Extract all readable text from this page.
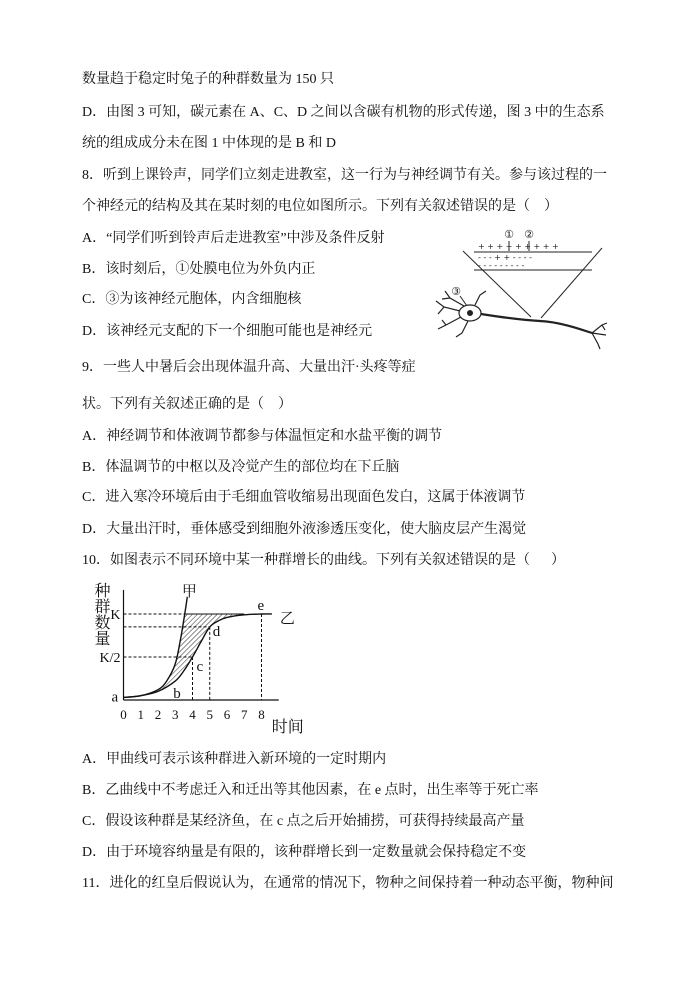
数量趋于稳定时兔子的种群数量为 150 只
D．由图 3 可知，碳元素在 A、C、D 之间以含碳有机物的形式传递，图 3 中的生态系
统的组成成分未在图 1 中体现的是 B 和 D
8．听到上课铃声，同学们立刻走进教室，这一行为与神经调节有关。参与该过程的一
个神经元的结构及其在某时刻的电位如图所示。下列有关叙述错误的是（    ）
A．“同学们听到铃声后走进教室”中涉及条件反射
B．该时刻后，①处膜电位为外负内正
C．③为该神经元胞体，内含细胞核
D．该神经元支配的下一个细胞可能也是神经元
① ②
③
+ + + + + + + + +
- - - + + - - - -
- - - - - - - - -
9．一些人中暑后会出现体温升高、大量出汗·头疼等症
状。下列有关叙述正确的是（    ）
A．神经调节和体液调节都参与体温恒定和水盐平衡的调节
B．体温调节的中枢以及冷觉产生的部位均在下丘脑
C．进入寒冷环境后由于毛细血管收缩易出现面色发白，这属于体液调节
D．大量出汗时，垂体感受到细胞外液渗透压变化，使大脑皮层产生渴觉
10．如图表示不同环境中某一种群增长的曲线。下列有关叙述错误的是（      ）
种群数量	甲
乙
a	b
c
d
e
0 1 2 3 4 5 6 7 8
K/2
K
时间
A．甲曲线可表示该种群进入新环境的一定时期内
B．乙曲线中不考虑迁入和迁出等其他因素，在 e 点时，出生率等于死亡率
C．假设该种群是某经济鱼，在 c 点之后开始捕捞，可获得持续最高产量
D．由于环境容纳量是有限的，该种群增长到一定数量就会保持稳定不变
11．进化的红皇后假说认为，在通常的情况下，物种之间保持着一种动态平衡，物种间
